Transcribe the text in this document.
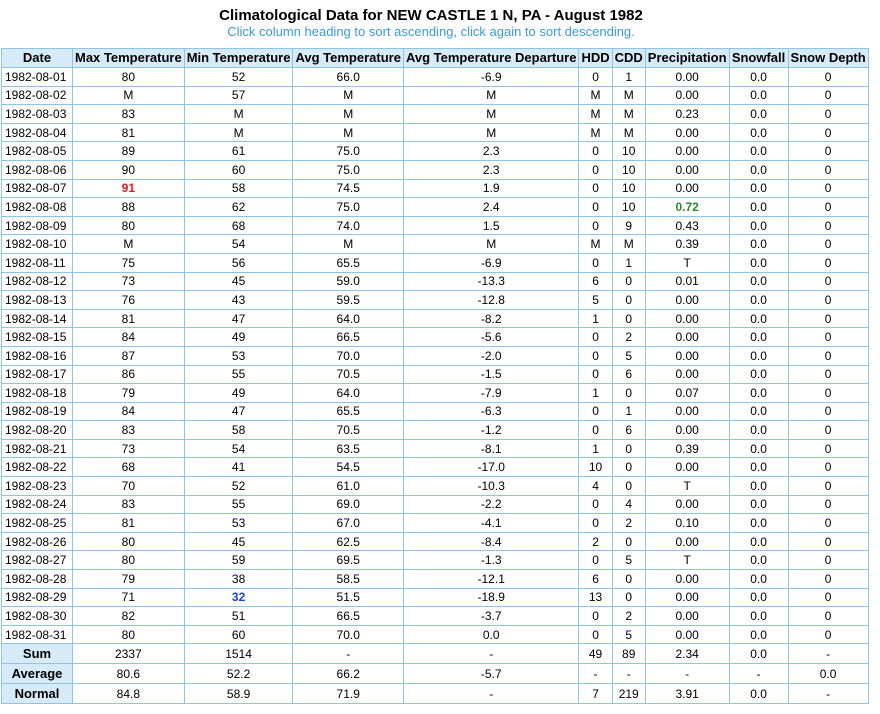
Climatological Data for NEW CASTLE 1 N, PA - August 1982
Click column heading to sort ascending, click again to sort descending.
Date	Max Temperature	Min Temperature	Avg Temperature	Avg Temperature Departure	HDD	CDD	Precipitation	Snowfall	Snow Depth
1982-08-01	80	52	66.0	-6.9	0	1	0.00	0.0	0
1982-08-02	M	57	M	M	M	M	0.00	0.0	0
1982-08-03	83	M	M	M	M	M	0.23	0.0	0
1982-08-04	81	M	M	M	M	M	0.00	0.0	0
1982-08-05	89	61	75.0	2.3	0	10	0.00	0.0	0
1982-08-06	90	60	75.0	2.3	0	10	0.00	0.0	0
1982-08-07	91	58	74.5	1.9	0	10	0.00	0.0	0
1982-08-08	88	62	75.0	2.4	0	10	0.72	0.0	0
1982-08-09	80	68	74.0	1.5	0	9	0.43	0.0	0
1982-08-10	M	54	M	M	M	M	0.39	0.0	0
1982-08-11	75	56	65.5	-6.9	0	1	T	0.0	0
1982-08-12	73	45	59.0	-13.3	6	0	0.01	0.0	0
1982-08-13	76	43	59.5	-12.8	5	0	0.00	0.0	0
1982-08-14	81	47	64.0	-8.2	1	0	0.00	0.0	0
1982-08-15	84	49	66.5	-5.6	0	2	0.00	0.0	0
1982-08-16	87	53	70.0	-2.0	0	5	0.00	0.0	0
1982-08-17	86	55	70.5	-1.5	0	6	0.00	0.0	0
1982-08-18	79	49	64.0	-7.9	1	0	0.07	0.0	0
1982-08-19	84	47	65.5	-6.3	0	1	0.00	0.0	0
1982-08-20	83	58	70.5	-1.2	0	6	0.00	0.0	0
1982-08-21	73	54	63.5	-8.1	1	0	0.39	0.0	0
1982-08-22	68	41	54.5	-17.0	10	0	0.00	0.0	0
1982-08-23	70	52	61.0	-10.3	4	0	T	0.0	0
1982-08-24	83	55	69.0	-2.2	0	4	0.00	0.0	0
1982-08-25	81	53	67.0	-4.1	0	2	0.10	0.0	0
1982-08-26	80	45	62.5	-8.4	2	0	0.00	0.0	0
1982-08-27	80	59	69.5	-1.3	0	5	T	0.0	0
1982-08-28	79	38	58.5	-12.1	6	0	0.00	0.0	0
1982-08-29	71	32	51.5	-18.9	13	0	0.00	0.0	0
1982-08-30	82	51	66.5	-3.7	0	2	0.00	0.0	0
1982-08-31	80	60	70.0	0.0	0	5	0.00	0.0	0
Sum	2337	1514	-	-	49	89	2.34	0.0	-
Average	80.6	52.2	66.2	-5.7	-	-	-	-	0.0
Normal	84.8	58.9	71.9	-	7	219	3.91	0.0	-
